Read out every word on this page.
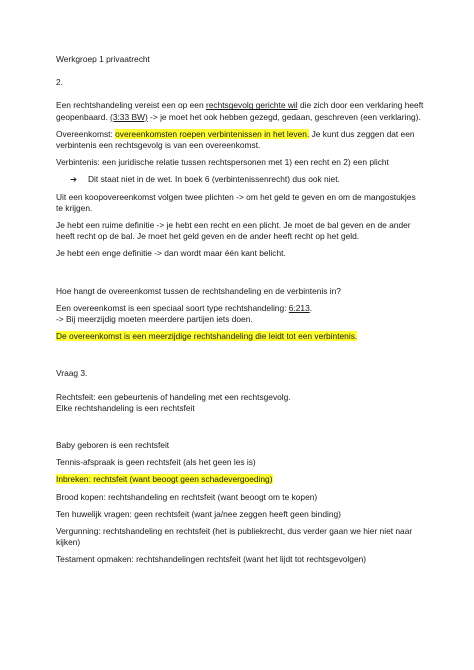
Werkgroep 1 privaatrecht

2.

Een rechtshandeling vereist een op een rechtsgevolg gerichte wil die zich door een verklaring heeft geopenbaard. (3:33 BW) -> je moet het ook hebben gezegd, gedaan, geschreven (een verklaring).

Overeenkomst: overeenkomsten roepen verbintenissen in het leven. Je kunt dus zeggen dat een verbintenis een rechtsgevolg is van een overeenkomst.

Verbintenis: een juridische relatie tussen rechtspersonen met 1) een recht en 2) een plicht

➔	Dit staat niet in de wet. In boek 6 (verbintenissenrecht) dus ook niet.

Uit een koopovereenkomst volgen twee plichten -> om het geld te geven en om de mangostukjes te krijgen.

Je hebt een ruime definitie -> je hebt een recht en een plicht. Je moet de bal geven en de ander heeft recht op de bal. Je moet het geld geven en de ander heeft recht op het geld.

Je hebt een enge definitie -> dan wordt maar één kant belicht.

Hoe hangt de overeenkomst tussen de rechtshandeling en de verbintenis in?

Een overeenkomst is een speciaal soort type rechtshandeling: 6:213.
-> Bij meerzijdig moeten meerdere partijen iets doen.

De overeenkomst is een meerzijdige rechtshandeling die leidt tot een verbintenis.

Vraag 3.

Rechtsfeit: een gebeurtenis of handeling met een rechtsgevolg.
Elke rechtshandeling is een rechtsfeit

Baby geboren is een rechtsfeit

Tennis-afspraak is geen rechtsfeit (als het geen les is)

Inbreken: rechtsfeit (want beoogt geen schadevergoeding)

Brood kopen: rechtshandeling en rechtsfeit (want beoogt om te kopen)

Ten huwelijk vragen: geen rechtsfeit (want ja/nee zeggen heeft geen binding)

Vergunning: rechtshandeling en rechtsfeit (het is publiekrecht, dus verder gaan we hier niet naar kijken)

Testament opmaken: rechtshandelingen rechtsfeit (want het lijdt tot rechtsgevolgen)
